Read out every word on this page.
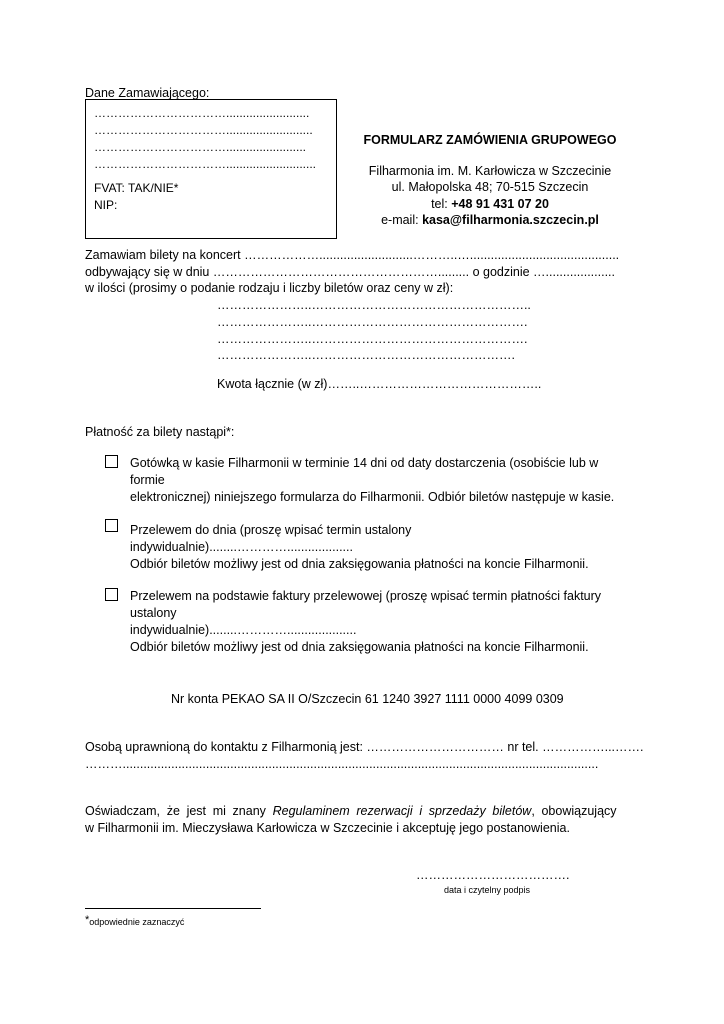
Dane Zamawiającego:
…………………………….........................
……………………………..........................
……………………………........................
……………………………...........................
FVAT: TAK/NIE*
NIP:
FORMULARZ ZAMÓWIENIA GRUPOWEGO
Filharmonia im. M. Karłowicza w Szczecinie
ul. Małopolska 48; 70-515 Szczecin
tel: +48 91 431 07 20
e-mail: kasa@filharmonia.szczecin.pl
Zamawiam bilety na koncert ………………...........................………..…...........................................
odbywający się w dniu ………………………………………………......... o godzinie …....................
w ilości (prosimy o podanie rodzaju i liczby biletów oraz ceny w zł):
…………………..……………………………………………..
…………………..…………………………………………….
…………………..…………………………………………….
…………………..………………………………………….
Kwota łącznie (w zł)……..……………………………………..
Płatność za bilety nastąpi*:
Gotówką w kasie Filharmonii w terminie 14 dni od daty dostarczenia (osobiście lub w formie
elektronicznej) niniejszego formularza do Filharmonii. Odbiór biletów następuje w kasie.
Przelewem do dnia (proszę wpisać termin ustalony indywidualnie)........…………...................
Odbiór biletów możliwy jest od dnia zaksięgowania płatności na koncie Filharmonii.
Przelewem na podstawie faktury przelewowej (proszę wpisać termin płatności faktury ustalony
indywidualnie)........…………....................
Odbiór biletów możliwy jest od dnia zaksięgowania płatności na koncie Filharmonii.
Nr konta PEKAO SA II O/Szczecin 61 1240 3927 1111 0000 4099 0309
Osobą uprawnioną do kontaktu z Filharmonią jest: …………………………… nr tel. ……………...…….
……….........................................................................................................................................
Oświadczam, że jest mi znany Regulaminem rezerwacji i sprzedaży biletów, obowiązujący
w Filharmonii im. Mieczysława Karłowicza w Szczecinie i akceptuję jego postanowienia.
……………………………….
data i czytelny podpis
*odpowiednie zaznaczyć
